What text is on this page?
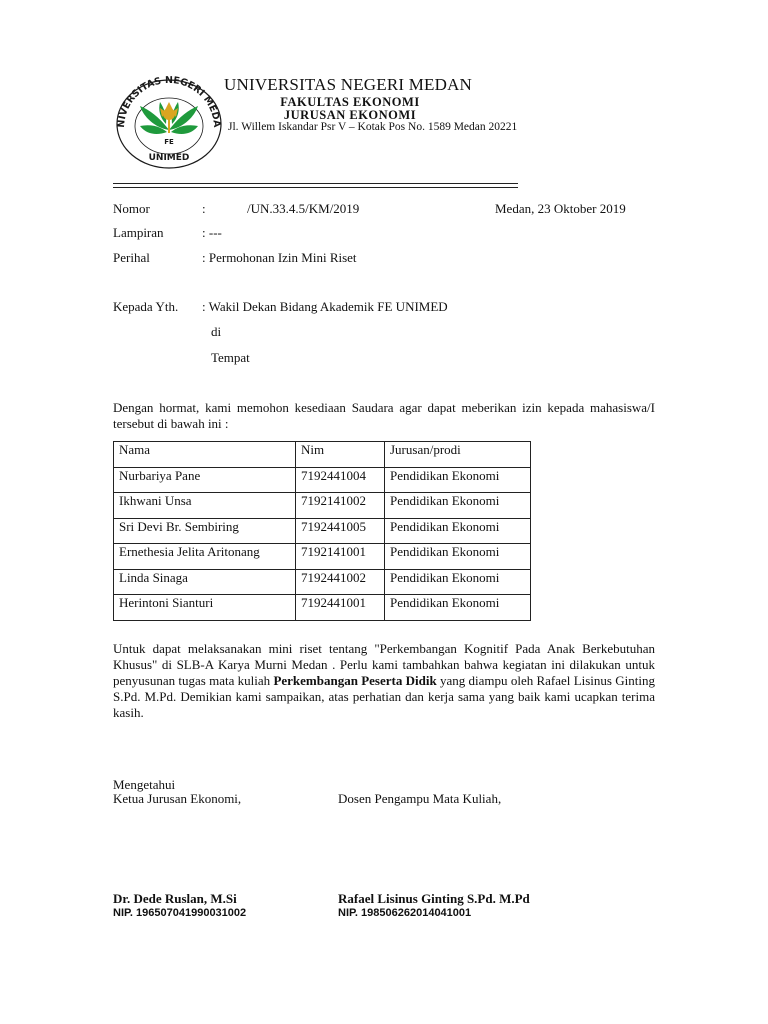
NIVERSITAS NEGERI MEDA
FE
UNIMED
UNIVERSITAS NEGERI MEDAN
FAKULTAS EKONOMI
JURUSAN EKONOMI
Jl. Willem Iskandar Psr V – Kotak Pos No. 1589 Medan 20221
Nomor	:	/UN.33.4.5/KM/2019	Medan, 23 Oktober 2019
Lampiran	: ---
Perihal	: Permohonan Izin Mini Riset
Kepada Yth. : Wakil Dekan Bidang Akademik FE UNIMED
di
Tempat
Dengan hormat, kami memohon kesediaan Saudara agar dapat meberikan izin kepada mahasiswa/I tersebut di bawah ini :
Nama	Nim	Jurusan/prodi
Nurbariya Pane	7192441004	Pendidikan Ekonomi
Ikhwani Unsa	7192141002	Pendidikan Ekonomi
Sri Devi Br. Sembiring	7192441005	Pendidikan Ekonomi
Ernethesia Jelita Aritonang	7192141001	Pendidikan Ekonomi
Linda Sinaga	7192441002	Pendidikan Ekonomi
Herintoni Sianturi	7192441001	Pendidikan Ekonomi
Untuk dapat melaksanakan mini riset tentang "Perkembangan Kognitif Pada Anak Berkebutuhan Khusus" di SLB-A Karya Murni Medan . Perlu kami tambahkan bahwa kegiatan ini dilakukan untuk penyusunan tugas mata kuliah Perkembangan Peserta Didik yang diampu oleh Rafael Lisinus Ginting S.Pd. M.Pd. Demikian kami sampaikan, atas perhatian dan kerja sama yang baik kami ucapkan terima kasih.
Mengetahui
Ketua Jurusan Ekonomi,	Dosen Pengampu Mata Kuliah,
Dr. Dede Ruslan, M.Si
NIP. 196507041990031002
Rafael Lisinus Ginting S.Pd. M.Pd
NIP. 198506262014041001
